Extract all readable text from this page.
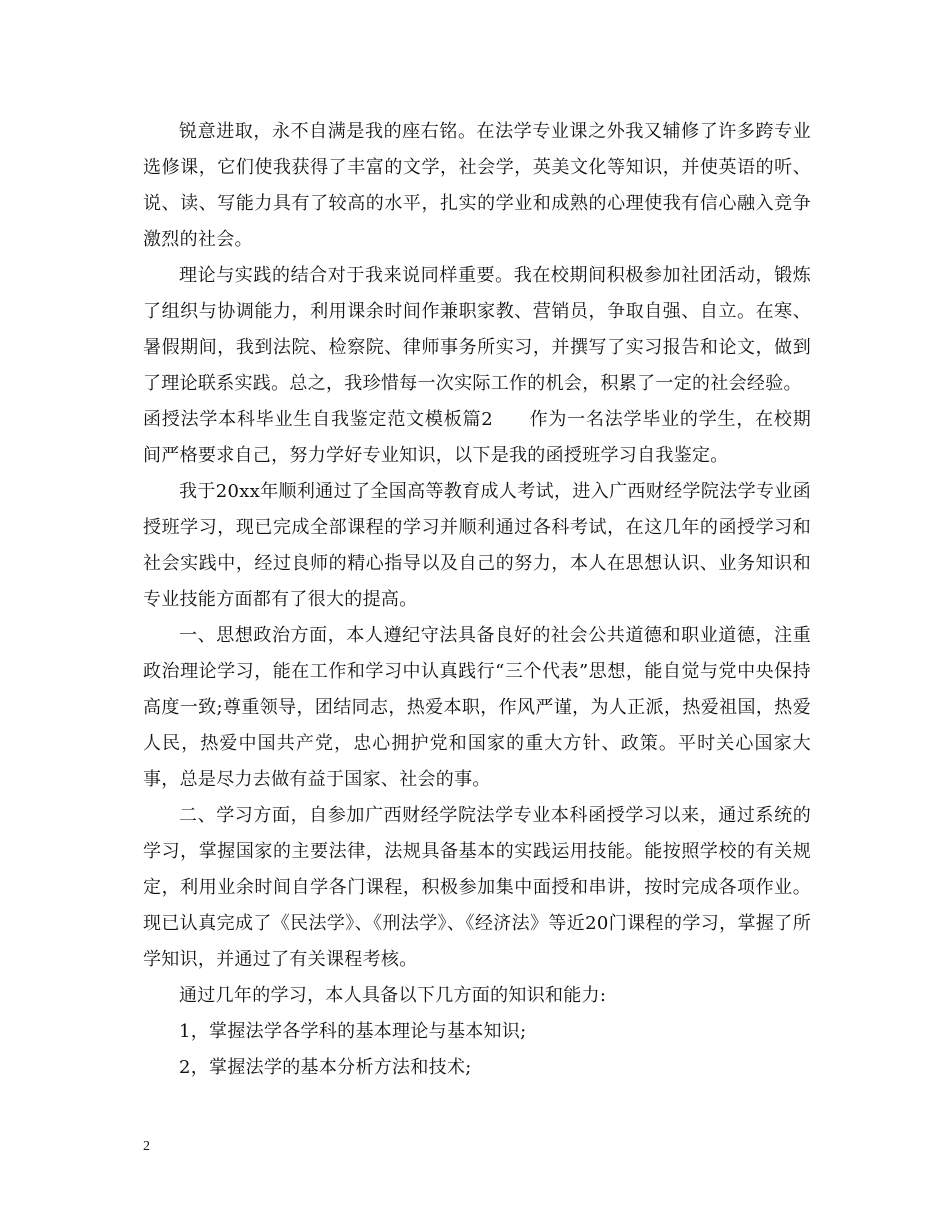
锐意进取，永不自满是我的座右铭。在法学专业课之外我又辅修了许多跨专业选修课，它们使我获得了丰富的文学，社会学，英美文化等知识，并使英语的听、说、读、写能力具有了较高的水平，扎实的学业和成熟的心理使我有信心融入竞争激烈的社会。

理论与实践的结合对于我来说同样重要。我在校期间积极参加社团活动，锻炼了组织与协调能力，利用课余时间作兼职家教、营销员，争取自强、自立。在寒、暑假期间，我到法院、检察院、律师事务所实习，并撰写了实习报告和论文，做到了理论联系实践。总之，我珍惜每一次实际工作的机会，积累了一定的社会经验。

函授法学本科毕业生自我鉴定范文模板篇2 作为一名法学毕业的学生，在校期间严格要求自己，努力学好专业知识，以下是我的函授班学习自我鉴定。

我于20xx年顺利通过了全国高等教育成人考试，进入广西财经学院法学专业函授班学习，现已完成全部课程的学习并顺利通过各科考试，在这几年的函授学习和社会实践中，经过良师的精心指导以及自己的努力，本人在思想认识、业务知识和专业技能方面都有了很大的提高。

一、思想政治方面，本人遵纪守法具备良好的社会公共道德和职业道德，注重政治理论学习，能在工作和学习中认真践行“三个代表”思想，能自觉与党中央保持高度一致;尊重领导，团结同志，热爱本职，作风严谨，为人正派，热爱祖国，热爱人民，热爱中国共产党，忠心拥护党和国家的重大方针、政策。平时关心国家大事，总是尽力去做有益于国家、社会的事。

二、学习方面，自参加广西财经学院法学专业本科函授学习以来，通过系统的学习，掌握国家的主要法律，法规具备基本的实践运用技能。能按照学校的有关规定，利用业余时间自学各门课程，积极参加集中面授和串讲，按时完成各项作业。现已认真完成了《民法学》、《刑法学》、《经济法》等近20门课程的学习，掌握了所学知识，并通过了有关课程考核。

通过几年的学习，本人具备以下几方面的知识和能力:

1，掌握法学各学科的基本理论与基本知识;

2，掌握法学的基本分析方法和技术;

2
